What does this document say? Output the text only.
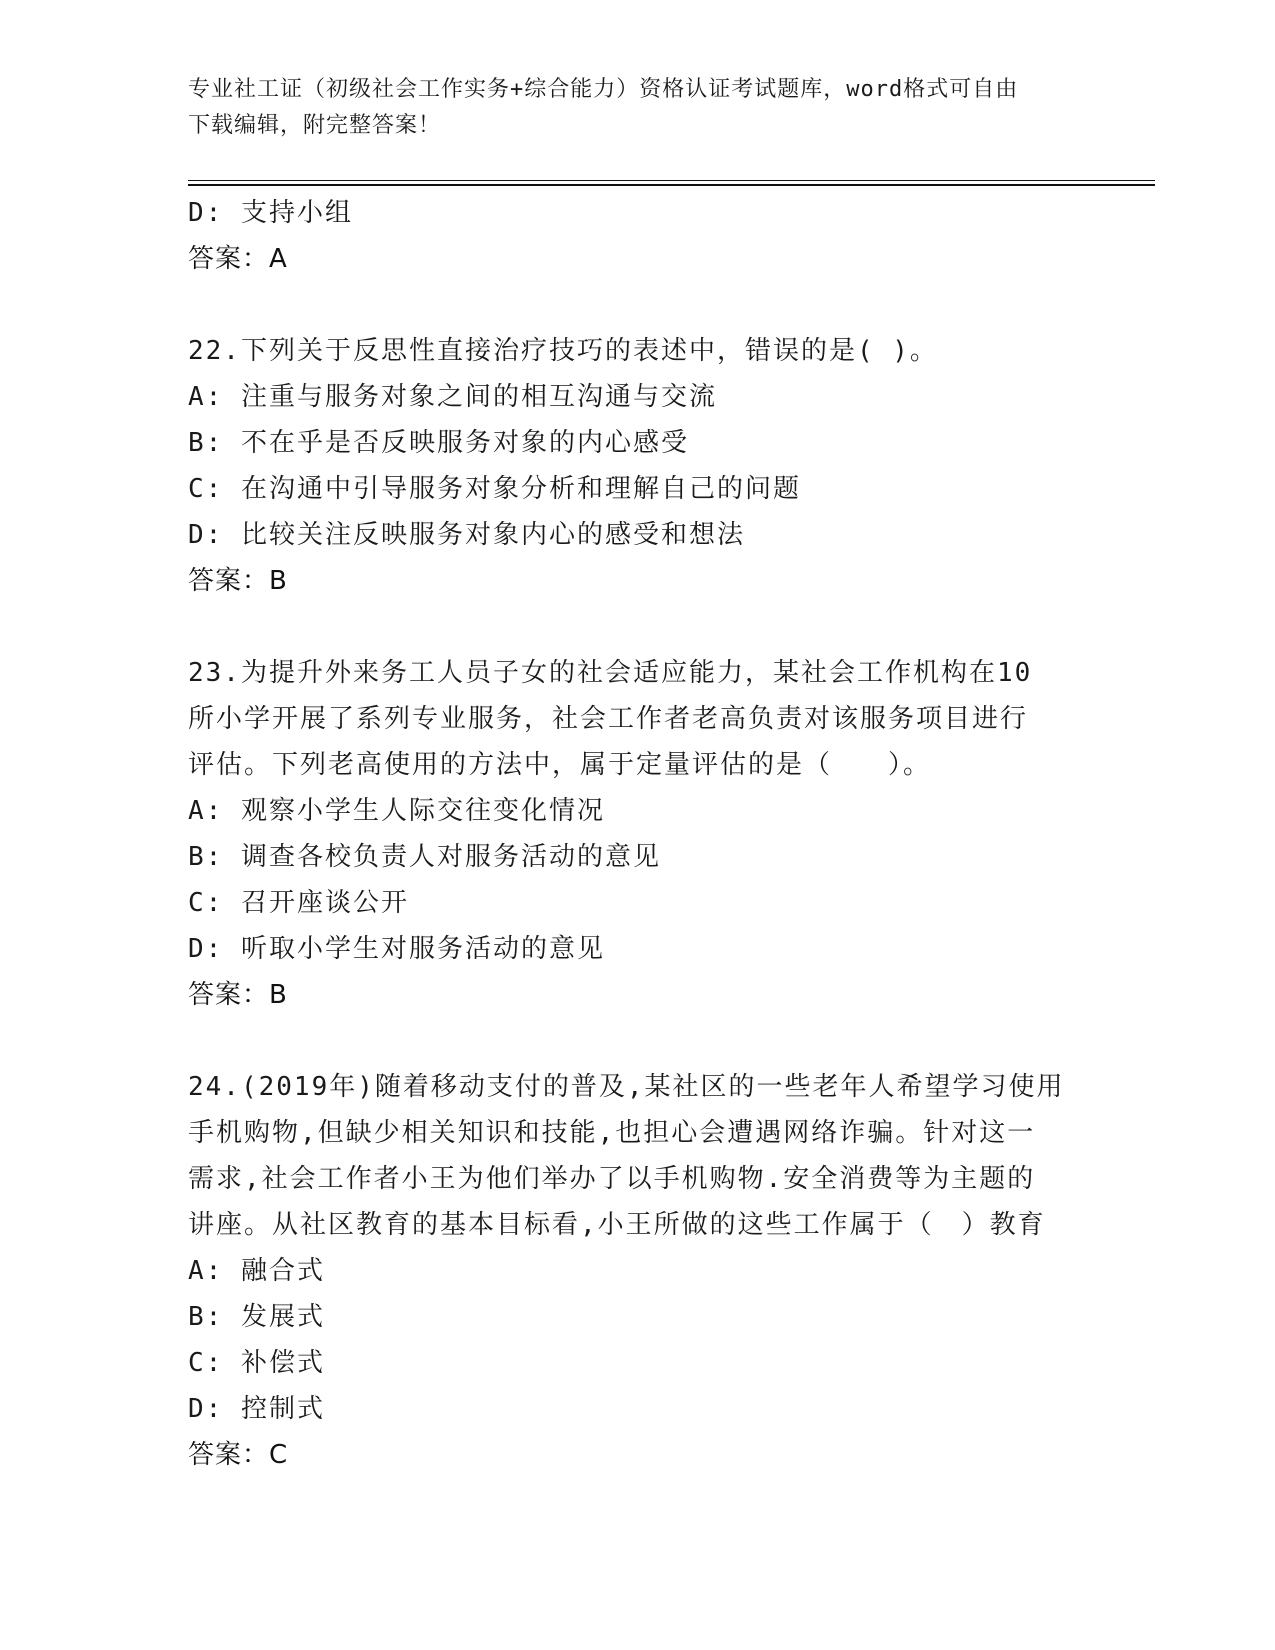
专业社工证（初级社会工作实务+综合能力）资格认证考试题库，word格式可自由
下载编辑，附完整答案！
D: 支持小组
答案：A
22.下列关于反思性直接治疗技巧的表述中，错误的是( )。
A: 注重与服务对象之间的相互沟通与交流
B: 不在乎是否反映服务对象的内心感受
C: 在沟通中引导服务对象分析和理解自己的问题
D: 比较关注反映服务对象内心的感受和想法
答案：B
23.为提升外来务工人员子女的社会适应能力，某社会工作机构在10
所小学开展了系列专业服务，社会工作者老高负责对该服务项目进行
评估。下列老高使用的方法中，属于定量评估的是（　　）。
A: 观察小学生人际交往变化情况
B: 调查各校负责人对服务活动的意见
C: 召开座谈公开
D: 听取小学生对服务活动的意见
答案：B
24.(2019年)随着移动支付的普及,某社区的一些老年人希望学习使用
手机购物,但缺少相关知识和技能,也担心会遭遇网络诈骗。针对这一
需求,社会工作者小王为他们举办了以手机购物.安全消费等为主题的
讲座。从社区教育的基本目标看,小王所做的这些工作属于（　）教育
A: 融合式
B: 发展式
C: 补偿式
D: 控制式
答案：C
